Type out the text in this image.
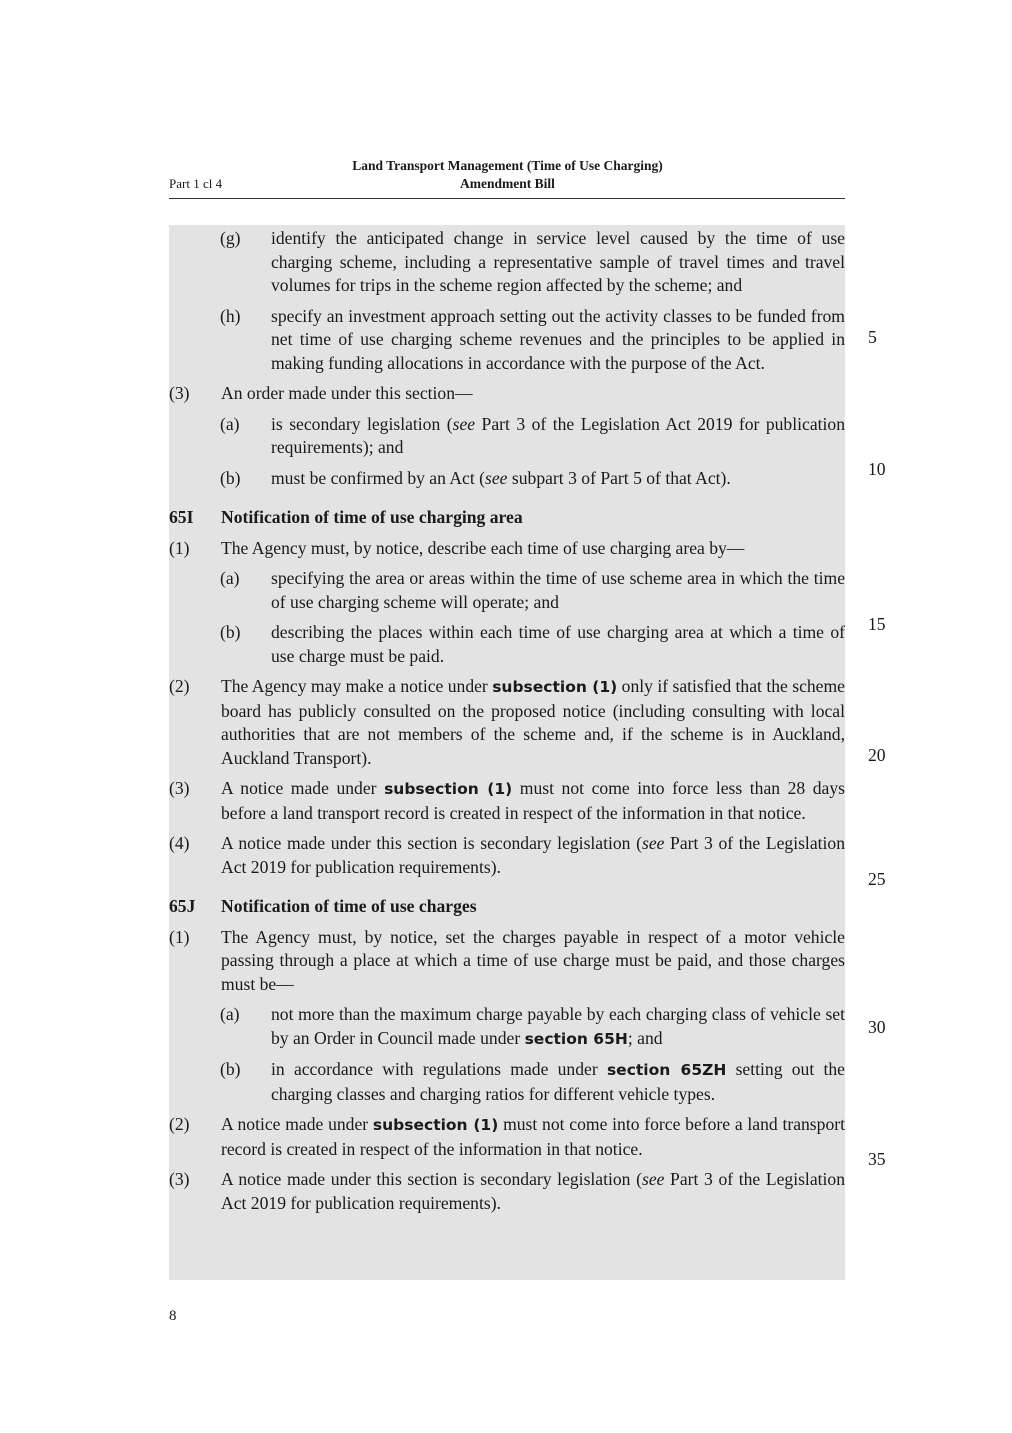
Part 1 cl 4
Land Transport Management (Time of Use Charging)
Amendment Bill
(g) identify the anticipated change in service level caused by the time of use charging scheme, including a representative sample of travel times and travel volumes for trips in the scheme region affected by the scheme; and
(h) specify an investment approach setting out the activity classes to be funded from net time of use charging scheme revenues and the principles to be applied in making funding allocations in accordance with the purpose of the Act.
(3) An order made under this section—
(a) is secondary legislation (see Part 3 of the Legislation Act 2019 for publication requirements); and
(b) must be confirmed by an Act (see subpart 3 of Part 5 of that Act).
65I Notification of time of use charging area
(1) The Agency must, by notice, describe each time of use charging area by—
(a) specifying the area or areas within the time of use scheme area in which the time of use charging scheme will operate; and
(b) describing the places within each time of use charging area at which a time of use charge must be paid.
(2) The Agency may make a notice under subsection (1) only if satisfied that the scheme board has publicly consulted on the proposed notice (including consulting with local authorities that are not members of the scheme and, if the scheme is in Auckland, Auckland Transport).
(3) A notice made under subsection (1) must not come into force less than 28 days before a land transport record is created in respect of the information in that notice.
(4) A notice made under this section is secondary legislation (see Part 3 of the Legislation Act 2019 for publication requirements).
65J Notification of time of use charges
(1) The Agency must, by notice, set the charges payable in respect of a motor vehicle passing through a place at which a time of use charge must be paid, and those charges must be—
(a) not more than the maximum charge payable by each charging class of vehicle set by an Order in Council made under section 65H; and
(b) in accordance with regulations made under section 65ZH setting out the charging classes and charging ratios for different vehicle types.
(2) A notice made under subsection (1) must not come into force before a land transport record is created in respect of the information in that notice.
(3) A notice made under this section is secondary legislation (see Part 3 of the Legislation Act 2019 for publication requirements).
5
10
15
20
25
30
35
8
